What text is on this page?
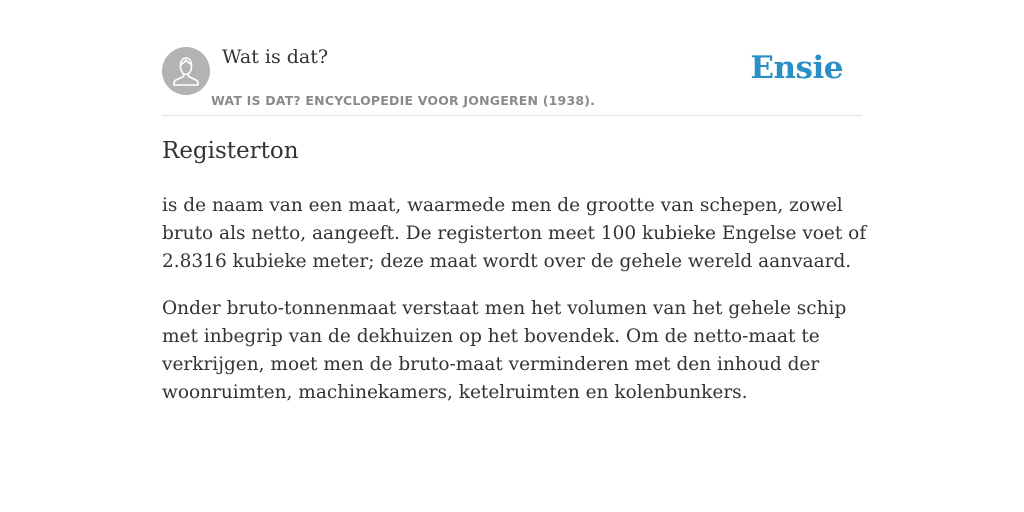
Wat is dat?
WAT IS DAT? ENCYCLOPEDIE VOOR JONGEREN (1938).
Ensie
Registerton

is de naam van een maat, waarmede men de grootte van schepen, zowel bruto als netto, aangeeft. De registerton meet 100 kubieke Engelse voet of 2.8316 kubieke meter; deze maat wordt over de gehele wereld aanvaard.

Onder bruto-tonnenmaat verstaat men het volumen van het gehele schip met inbegrip van de dekhuizen op het bovendek. Om de netto-maat te verkrijgen, moet men de bruto-maat verminderen met den inhoud der woonruimten, machinekamers, ketelruimten en kolenbunkers.
